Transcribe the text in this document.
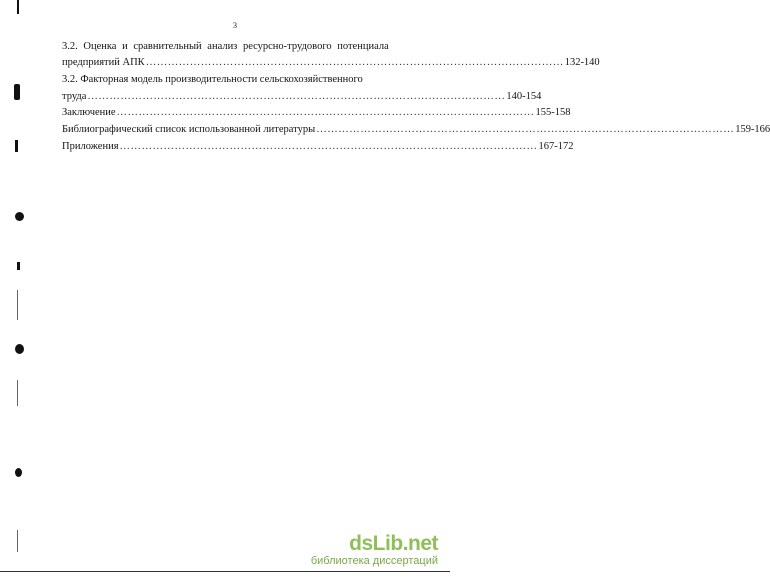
3
3.2. Оценка и сравнительный анализ ресурсно-трудового потенциала
предприятий АПК …………………………………………………………………………………………………… 132-140
3.2. Факторная модель производительности сельскохозяйственного
труда …………………………………………………………………………………………………… 140-154
Заключение …………………………………………………………………………………………………… 155-158
Библиографический список использованной литературы …………………………………………………………………………………………………… 159-166
Приложения …………………………………………………………………………………………………… 167-172
dsLib.net
библиотека диссертаций
